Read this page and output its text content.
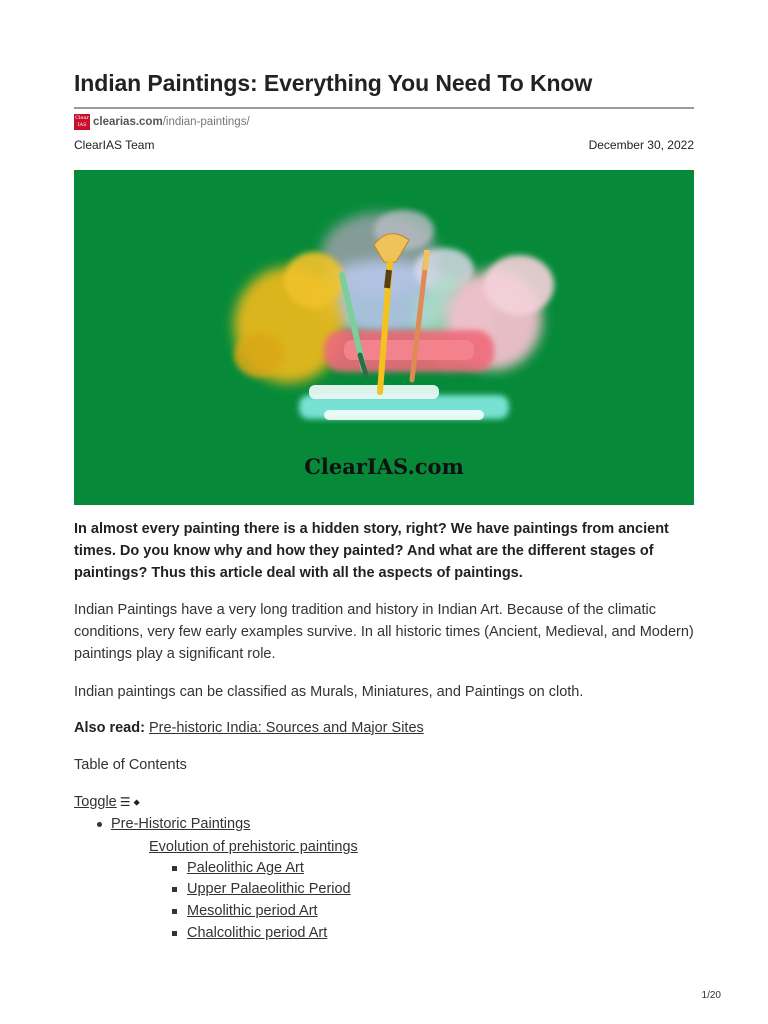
Indian Paintings: Everything You Need To Know
Clear IAS clearias.com /indian-paintings/
ClearIAS Team	December 30, 2022
ClearIAS.com

In almost every painting there is a hidden story, right? We have paintings from ancient times. Do you know why and how they painted? And what are the different stages of paintings? Thus this article deal with all the aspects of paintings.

Indian Paintings have a very long tradition and history in Indian Art. Because of the climatic conditions, very few early examples survive. In all historic times (Ancient, Medieval, and Modern) paintings play a significant role.

Indian paintings can be classified as Murals, Miniatures, and Paintings on cloth.

Also read: Pre-historic India: Sources and Major Sites

Table of Contents

Toggle ☰ ⬥
Pre-Historic Paintings
Evolution of prehistoric paintings
Paleolithic Age Art
Upper Palaeolithic Period
Mesolithic period Art
Chalcolithic period Art
1/20
